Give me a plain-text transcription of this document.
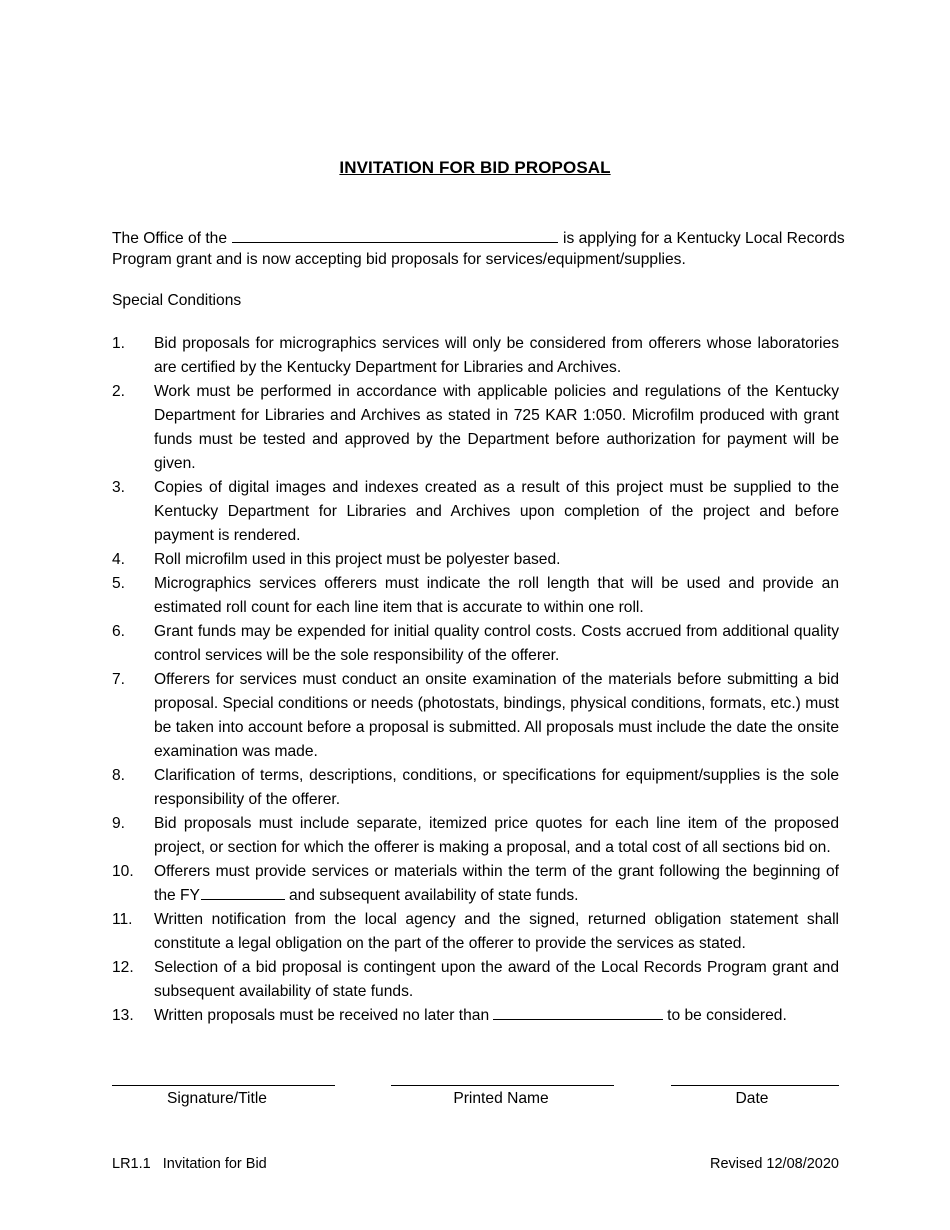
INVITATION FOR BID PROPOSAL
The Office of the	is applying for a Kentucky Local Records
Program grant and is now accepting bid proposals for services/equipment/supplies.
Special Conditions
1.	Bid proposals for micrographics services will only be considered from offerers whose laboratories are certified by the Kentucky Department for Libraries and Archives.
2.	Work must be performed in accordance with applicable policies and regulations of the Kentucky Department for Libraries and Archives as stated in 725 KAR 1:050. Microfilm produced with grant funds must be tested and approved by the Department before authorization for payment will be given.
3.	Copies of digital images and indexes created as a result of this project must be supplied to the Kentucky Department for Libraries and Archives upon completion of the project and before payment is rendered.
4.	Roll microfilm used in this project must be polyester based.
5.	Micrographics services offerers must indicate the roll length that will be used and provide an estimated roll count for each line item that is accurate to within one roll.
6.	Grant funds may be expended for initial quality control costs. Costs accrued from additional quality control services will be the sole responsibility of the offerer.
7.	Offerers for services must conduct an onsite examination of the materials before submitting a bid proposal. Special conditions or needs (photostats, bindings, physical conditions, formats, etc.) must be taken into account before a proposal is submitted. All proposals must include the date the onsite examination was made.
8.	Clarification of terms, descriptions, conditions, or specifications for equipment/supplies is the sole responsibility of the offerer.
9.	Bid proposals must include separate, itemized price quotes for each line item of the proposed project, or section for which the offerer is making a proposal, and a total cost of all sections bid on.
10.	Offerers must provide services or materials within the term of the grant following the beginning of the FY	and subsequent availability of state funds.
11.	Written notification from the local agency and the signed, returned obligation statement shall constitute a legal obligation on the part of the offerer to provide the services as stated.
12.	Selection of a bid proposal is contingent upon the award of the Local Records Program grant and subsequent availability of state funds.
13.	Written proposals must be received no later than	to be considered.
Signature/Title	Printed Name	Date
LR1.1   Invitation for Bid	Revised 12/08/2020
